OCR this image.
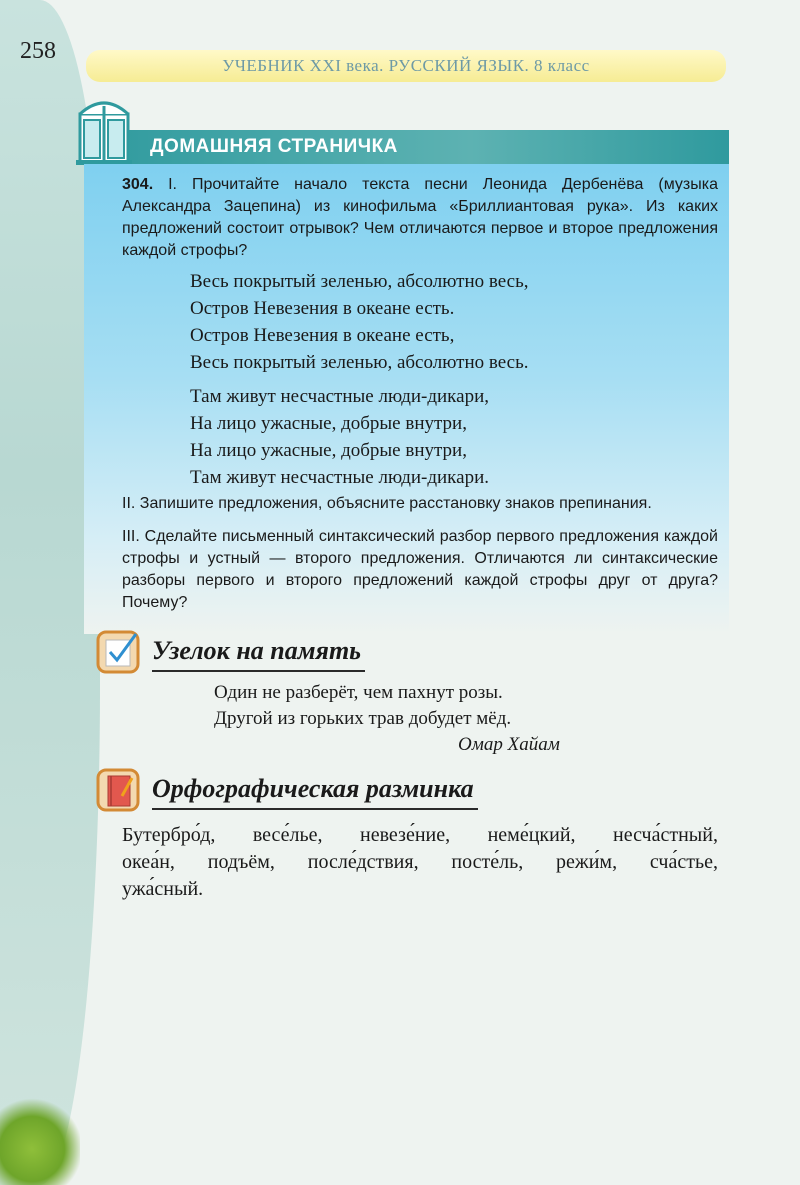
258
УЧЕБНИК XXI века. РУССКИЙ ЯЗЫК. 8 класс
ДОМАШНЯЯ СТРАНИЧКА
304. I. Прочитайте начало текста песни Леонида Дербенёва (музыка Александра Зацепина) из кинофильма «Бриллиантовая рука». Из каких предложений состоит отрывок? Чем отличаются первое и второе предложения каждой строфы?
Весь покрытый зеленью, абсолютно весь,
Остров Невезения в океане есть.
Остров Невезения в океане есть,
Весь покрытый зеленью, абсолютно весь.
Там живут несчастные люди-дикари,
На лицо ужасные, добрые внутри,
На лицо ужасные, добрые внутри,
Там живут несчастные люди-дикари.
II. Запишите предложения, объясните расстановку знаков препинания.
III. Сделайте письменный синтаксический разбор первого предложения каждой строфы и устный — второго предложения. Отличаются ли синтаксические разборы первого и второго предложений каждой строфы друг от друга? Почему?
Узелок на память
Один не разберёт, чем пахнут розы.
Другой из горьких трав добудет мёд.
Омар Хайам
Орфографическая разминка
Бутербро́д, весе́лье, невезе́ние, неме́цкий, несча́стный,
океа́н, подъём, после́дствия, посте́ль, режи́м, сча́стье,
ужа́сный.
